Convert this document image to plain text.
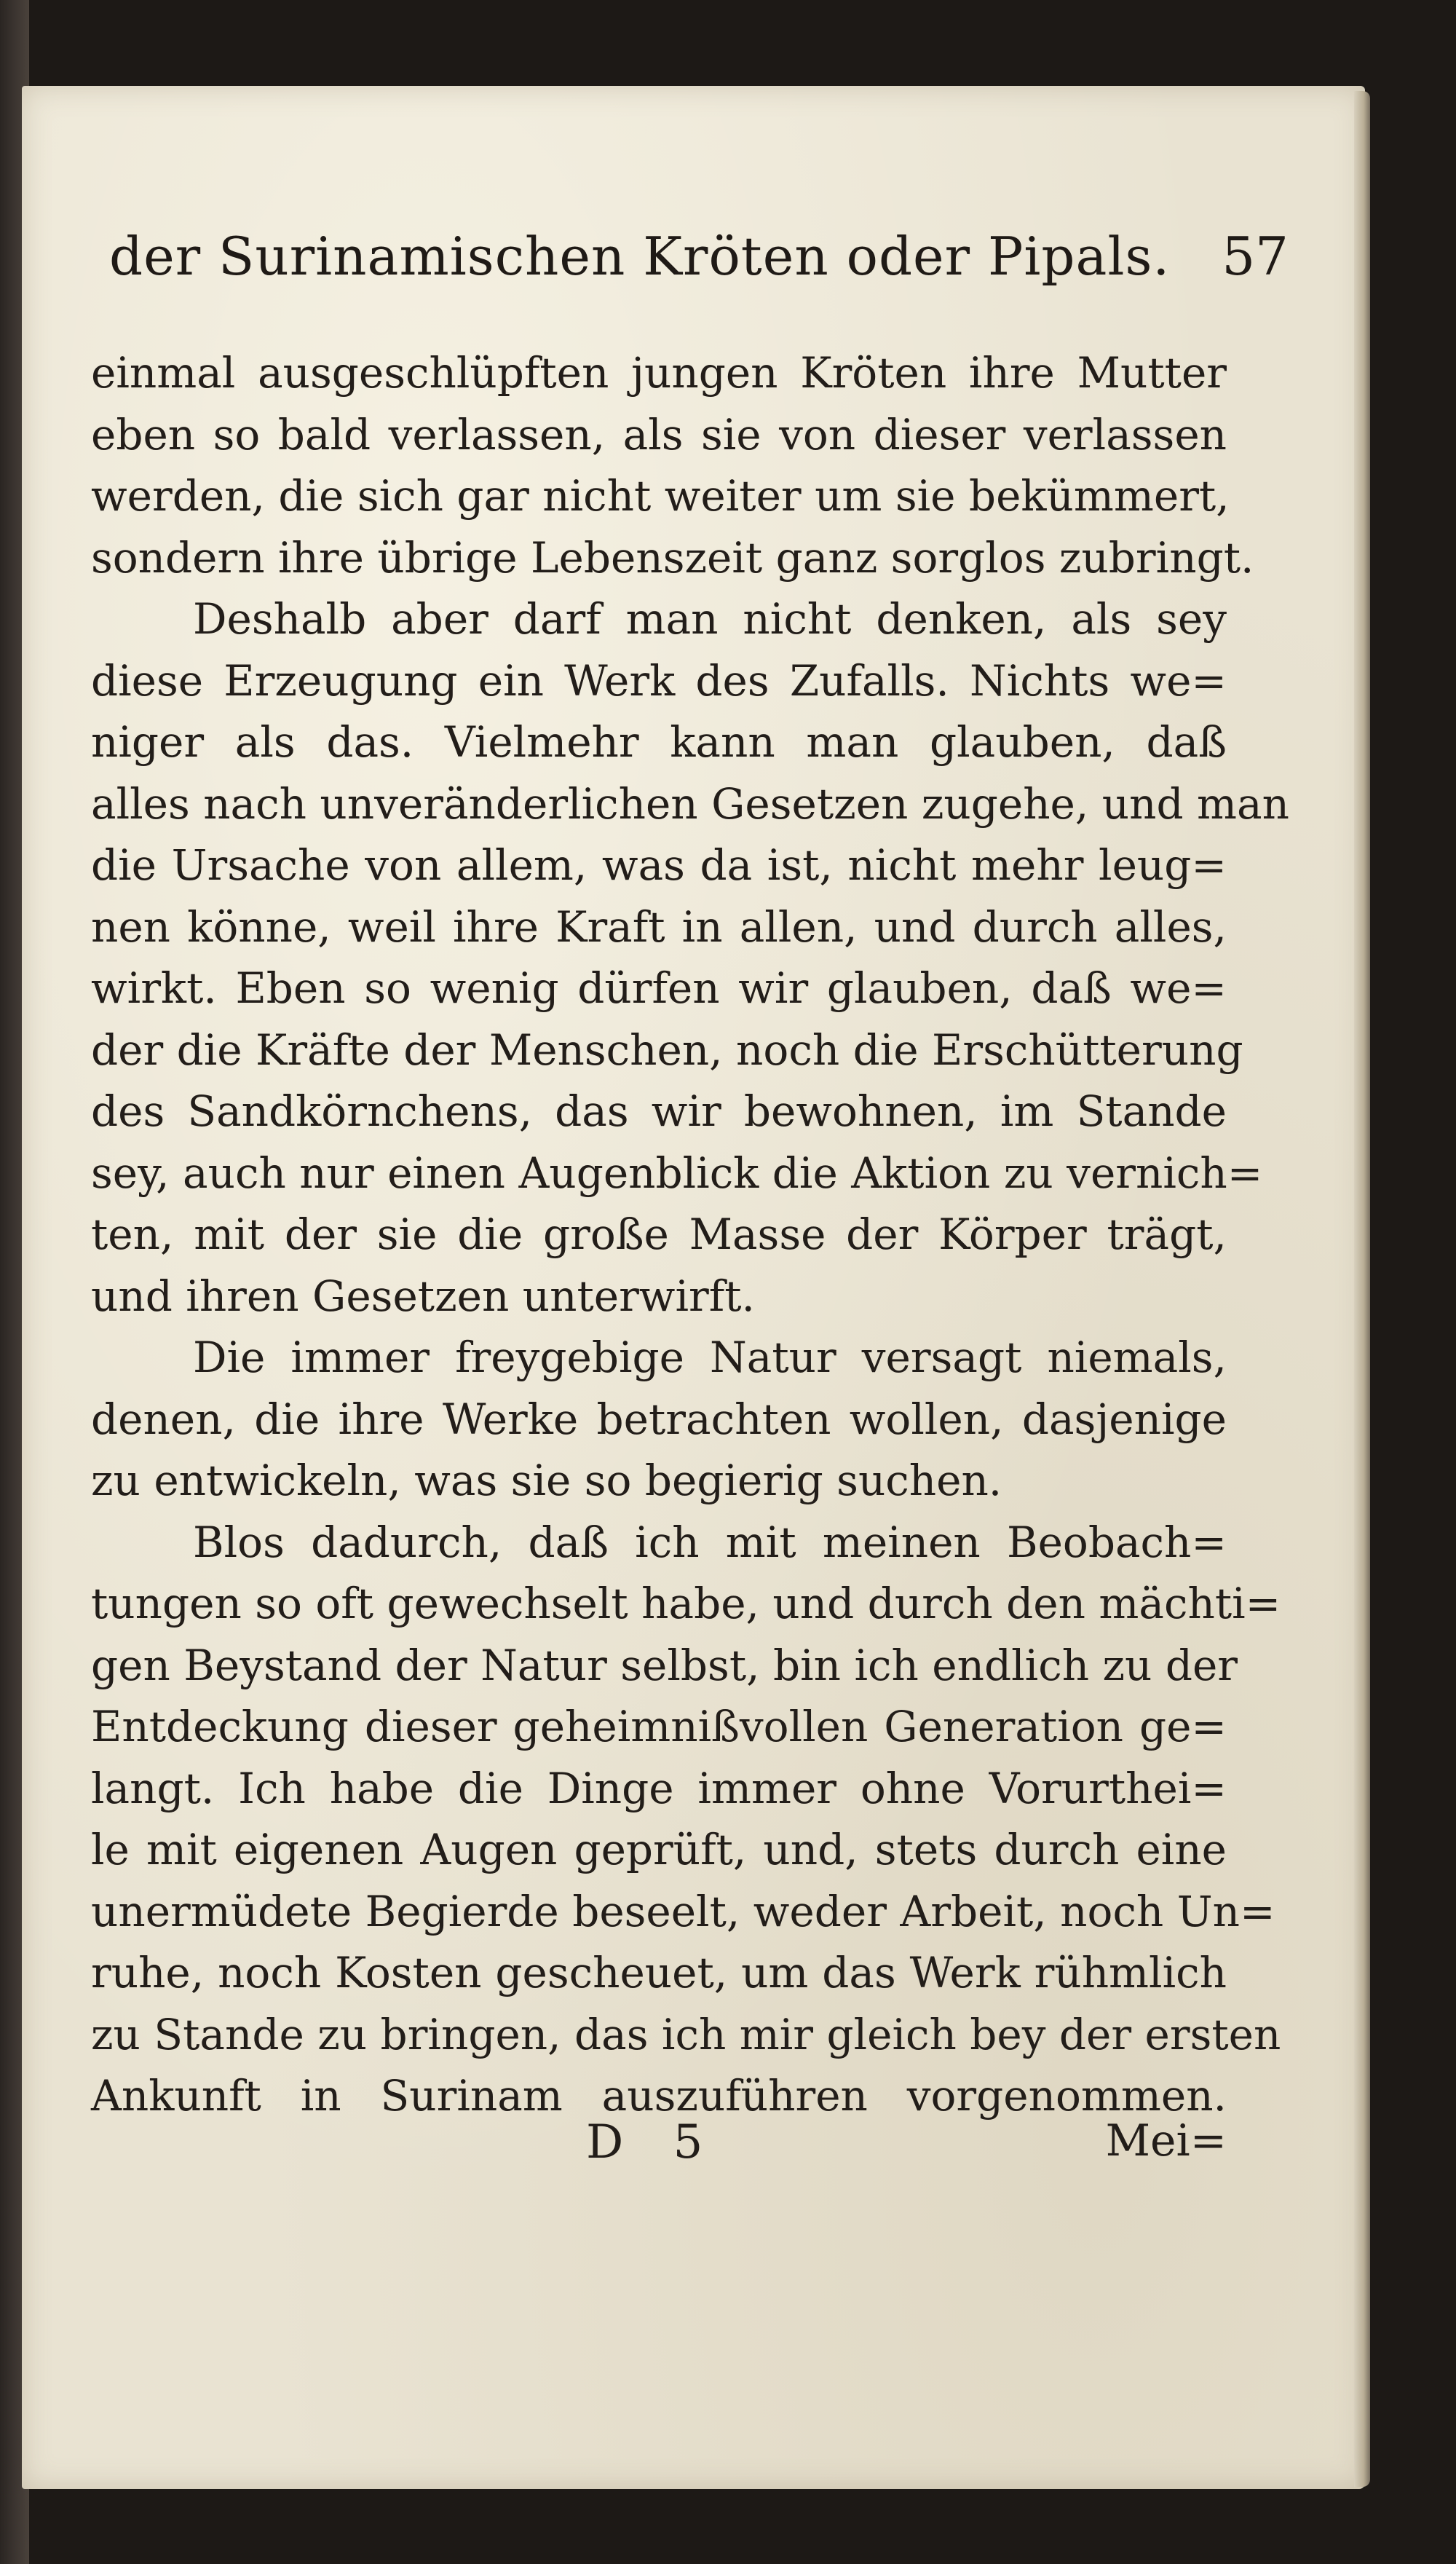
der Surinamischen Kröten oder Pipals. 57
einmal ausgeschlüpften jungen Kröten ihre Mutter
eben so bald verlassen, als sie von dieser verlassen
werden, die sich gar nicht weiter um sie bekümmert,
sondern ihre übrige Lebenszeit ganz sorglos zubringt.
Deshalb aber darf man nicht denken, als sey
diese Erzeugung ein Werk des Zufalls. Nichts we=
niger als das. Vielmehr kann man glauben, daß
alles nach unveränderlichen Gesetzen zugehe, und man
die Ursache von allem, was da ist, nicht mehr leug=
nen könne, weil ihre Kraft in allen, und durch alles,
wirkt. Eben so wenig dürfen wir glauben, daß we=
der die Kräfte der Menschen, noch die Erschütterung
des Sandkörnchens, das wir bewohnen, im Stande
sey, auch nur einen Augenblick die Aktion zu vernich=
ten, mit der sie die große Masse der Körper trägt,
und ihren Gesetzen unterwirft.
Die immer freygebige Natur versagt niemals,
denen, die ihre Werke betrachten wollen, dasjenige
zu entwickeln, was sie so begierig suchen.
Blos dadurch, daß ich mit meinen Beobach=
tungen so oft gewechselt habe, und durch den mächti=
gen Beystand der Natur selbst, bin ich endlich zu der
Entdeckung dieser geheimnißvollen Generation ge=
langt. Ich habe die Dinge immer ohne Vorurthei=
le mit eigenen Augen geprüft, und, stets durch eine
unermüdete Begierde beseelt, weder Arbeit, noch Un=
ruhe, noch Kosten gescheuet, um das Werk rühmlich
zu Stande zu bringen, das ich mir gleich bey der ersten
Ankunft in Surinam auszuführen vorgenommen.
D 5	Mei=
